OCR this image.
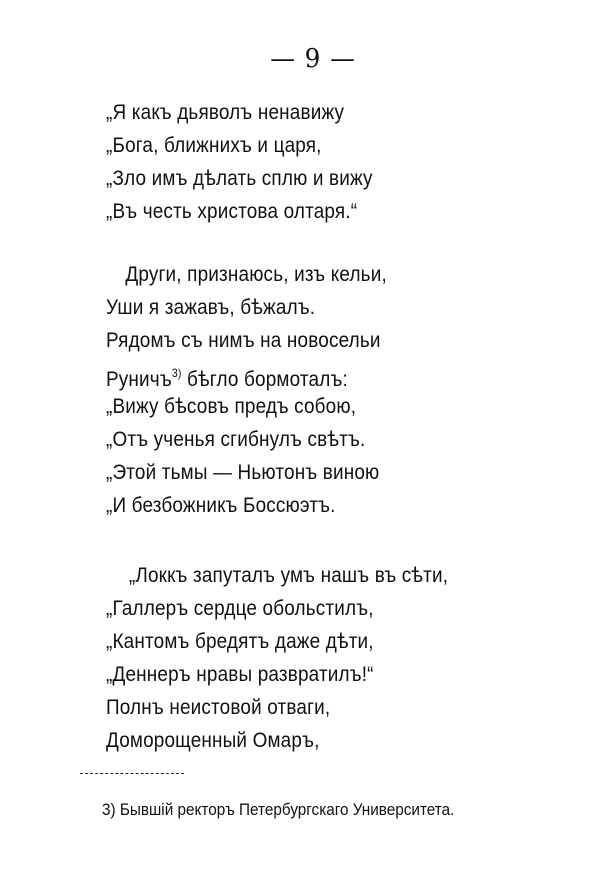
— 9 —
„Я какъ дьяволъ ненавижу
„Бога, ближнихъ и царя,
„Зло имъ дѣлать сплю и вижу
„Въ честь христова олтаря.“
Други, признаюсь, изъ кельи,
Уши я зажавъ, бѣжалъ.
Рядомъ съ нимъ на новосельи
Руничъ$^{3)}$ бѣгло бормоталъ:
„Вижу бѣсовъ предъ собою,
„Отъ ученья сгибнулъ свѣтъ.
„Этой тьмы — Ньютонъ виною
„И безбожникъ Боссюэтъ.
„Локкъ запуталъ умъ нашъ въ сѣти,
„Галлеръ сердце обольстилъ,
„Кантомъ бредятъ даже дѣти,
„Деннеръ нравы развратилъ!“
Полнъ неистовой отваги,
Доморощенный Омаръ,
3) Бывшій ректоръ Петербургскаго Университета.
